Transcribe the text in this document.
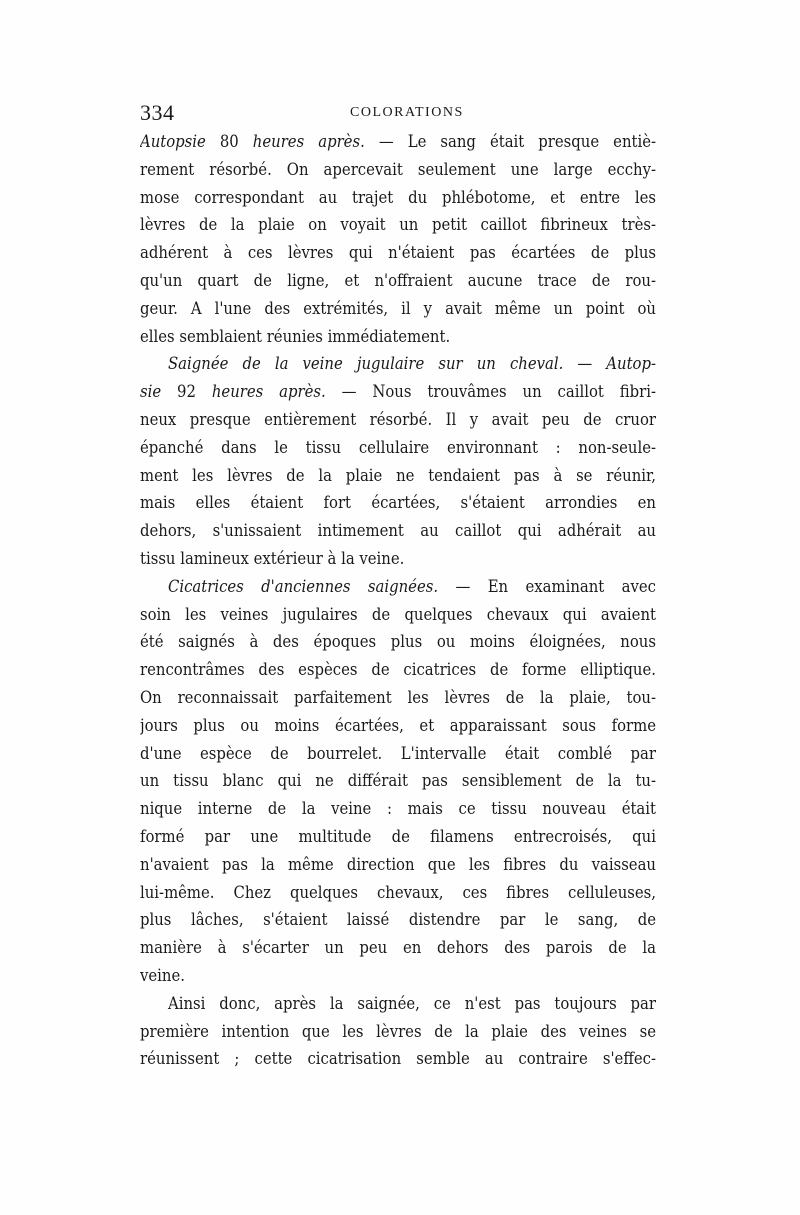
334	COLORATIONS
Autopsie 80 heures après. — Le sang était presque entiè-
rement résorbé. On apercevait seulement une large ecchy-
mose correspondant au trajet du phlébotome, et entre les
lèvres de la plaie on voyait un petit caillot fibrineux très-
adhérent à ces lèvres qui n'étaient pas écartées de plus
qu'un quart de ligne, et n'offraient aucune trace de rou-
geur. A l'une des extrémités, il y avait même un point où
elles semblaient réunies immédiatement.
Saignée de la veine jugulaire sur un cheval. — Autop-
sie 92 heures après. — Nous trouvâmes un caillot fibri-
neux presque entièrement résorbé. Il y avait peu de cruor
épanché dans le tissu cellulaire environnant : non-seule-
ment les lèvres de la plaie ne tendaient pas à se réunir,
mais elles étaient fort écartées, s'étaient arrondies en
dehors, s'unissaient intimement au caillot qui adhérait au
tissu lamineux extérieur à la veine.
Cicatrices d'anciennes saignées. — En examinant avec
soin les veines jugulaires de quelques chevaux qui avaient
été saignés à des époques plus ou moins éloignées, nous
rencontrâmes des espèces de cicatrices de forme elliptique.
On reconnaissait parfaitement les lèvres de la plaie, tou-
jours plus ou moins écartées, et apparaissant sous forme
d'une espèce de bourrelet. L'intervalle était comblé par
un tissu blanc qui ne différait pas sensiblement de la tu-
nique interne de la veine : mais ce tissu nouveau était
formé par une multitude de filamens entrecroisés, qui
n'avaient pas la même direction que les fibres du vaisseau
lui-même. Chez quelques chevaux, ces fibres celluleuses,
plus lâches, s'étaient laissé distendre par le sang, de
manière à s'écarter un peu en dehors des parois de la
veine.
Ainsi donc, après la saignée, ce n'est pas toujours par
première intention que les lèvres de la plaie des veines se
réunissent ; cette cicatrisation semble au contraire s'effec-
